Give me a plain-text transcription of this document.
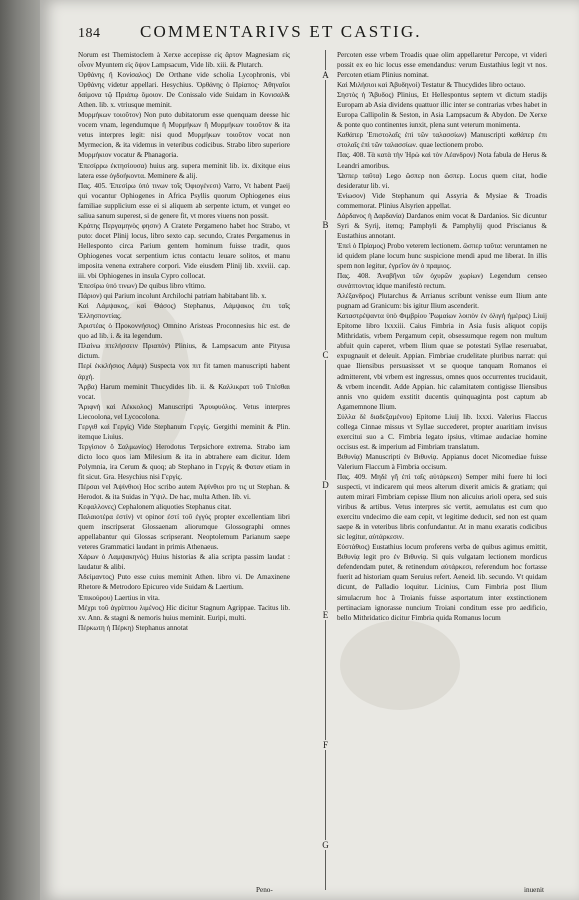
184 COMMENTARIVS ET CASTIG.

Norum est Themistoclem à Xerxe accepisse εἰς ἄρτον Magnesiam εἰς οἶνον Myuntem εἰς ὄψον Lampsacum, Vide lib. xiii. & Plutarch.

Ὀρθάνης ἢ Κονίσαλος) De Orthane vide scholia Lycophronis, vbi Ὀρθάνης videtur appellari. Hesychius. Ὀρθάνης ὁ Πρίαπος· Ἀθηναῖοι δαίμονα τῷ Πριάπῳ ὅμοιον. De Conissalo vide Suidam in Κονισαλ& Athen. lib. x. vtriusque meminit.

Μυρμήκων τοιοῦτον) Non puto dubitatorum esse quenquam deesse hic vocem vnam, legendumque ἢ Μυρμήκων ἢ Μυρμήκων τοιοῦτον & ita vetus interpres legit: nisi quod Μυρμήκων τοιοῦτον vocat non Myrmecion, & ita videmus in veteribus codicibus. Strabo libro superiore Μυρμήκιον vocatur & Phanagoria.

Ἐπεσίρρω ἐκτησίουσα) huius arg. supera meminit lib. ix. dixitque eius latera esse ὀγδοήκοντα. Meminere & alij.

Πας. 405. Ἐπεσίρω ὑπό τινων τοῖς Ὀφιογένεσι) Varro, Vt habent Paeij qui vocantur Ophiogenes in Africa Psyllis quorum Ophiogenes eius familiae supplicium esse ei si aliquem ab serpente ictum, et vunget eo saliua sanum superest, si de genere fit, vt mores viuens non possit.

Κράτης Περγαμηνὸς φησιν) A Cratete Pergameno habet hoc Strabo, vt puto: docet Plinij locus, libro sexto cap. secundo, Crates Pergamenus in Hellesponto circa Parium gentem hominum fuisse tradit, quos Ophiogenes vocat serpentium ictus contactu leuare solitos, et manu imposita venena extrahere corpori. Vide eiusdem Plinij lib. xxviii. cap. iii. vbi Ophiogenes in insula Cypro collocat.

Ἐπεσίρω ὑπό τινων) De quibus libro vltimo.

Πάριον) qui Parium incolunt Archilochi patriam habitabant lib. x.

Καὶ Λάμψακος, καὶ Θάσος) Stephanus, Λάμψακος ἐπι ταῖς Ἑλλησποντίας.

Ἀριστέας ὁ Προκοννήσιος) Omnino Aristeas Proconnesius hic est. de quo ad lib. i. & ita legendum.

Πλαίνω πτελήσσειν Πριαπόν) Plinius, & Lampsacum ante Pityusa dictum.

Περί ἐκκλήσιος Λάμψ) Suspecta vox πιτ fit tamen manuscripti habent ἀρχή.

Ἄρβα) Harum meminit Thucydides lib. ii. & Καλλικρατ τοῦ Τπέσθαι vocat.

Ἄριφνή καὶ Λέκκολος) Manuscripti Ἄρυιφυόλος. Vetus interpres Liecoolona, vel Lycocolona.

Γεργιθ καὶ Γεργίς) Vide Stephanum Γεργίς. Gergithi meminit & Plin. itemque Liuius.

Τεργίσιον ὃ Σαλμωνίος) Herodotus Terpsichore extrema. Strabo iam dicto loco quos iam Milesium & ita in abtrahere eam dicitur. Idem Polymnia, ira Cerum & quoq; ab Stephano in Γεργίς & Φαταν etiam in fit sicut. Gra. Hesychius nisi Γεργίς.

Πέρσαι vel Ἀψίνθιοι) Hoc scribo autem Ἀψίνθιοι pro τις ut Stephan. & Herodot. & ita Suidas in Ὑψιλ. De hac, multa Athen. lib. vi.

Κεφαλλονες) Cephalonem aliquoties Stephanus citat.

Παλαιοτέρα ἐστίν) vt opinor ἐστί τοῦ ἐγγύς propter excellentiam libri quem inscripserat Glossaenam aliorumque Glossographi omnes appellabantur qui Glossas scripserant. Neoptolemum Parianum saepe veteres Grammatici laudant in primis Athenaeus.

Χάρων ὁ Λαμψακηνός) Huius historias & alia scripta passim laudat : laudatur & alibi.

Ἀδείμαντος) Puto esse cuius meminit Athen. libro vi. De Amaxinene Rhetore & Metrodoro Epicureo vide Suidam & Laertium.

Ἐπικούρου) Laertius in vita.

Μέχρι τοῦ ἀγρίππου λιμένος) Hic dicitur Stagnum Agrippae. Tacitus lib. xv. Ann. & stagni & nemoris huius meminit. Euripi, multi.

Πέρκωτη ἡ Πέρκη) Stephanus annotat

A
B
C
D
E
F
G

Percoten esse vrbem Troadis quae olim appellaretur Percope, vt videri possit ex eo hic locus esse emendandus: verum Eustathius legit vt nos. Percoten etiam Plinius nominat.

Καὶ Μιλήσιοι καὶ Ἀβυδηνοί) Testatur & Thucydides libro octauo.

Σηστὸς ἡ Ἄβυδος) Plinius, Et Hellespontus septem vt dictum stadijs Europam ab Asia dividens quattuor illic inter se contrarias vrbes habet in Europa Callipolin & Seston, in Asia Lampsacum & Abydon. De Xerxe & ponte quo continentes iunxit, plena sunt veterum monimenta.

Καθάπερ Ἐπιστολαῖς ἐπὶ τῶν ταλασσίων) Manuscripti καθάπερ ἐπι στολαῖς ἐπὶ τῶν ταλασσίων. quae lectionem probo.

Πας. 408. Τὰ κατὰ τὴν Ἡρὼ καὶ τὸν Λέανδρον) Nota fabula de Herus & Leandri amoribus.

Ὥσπερ ταῦτα) Lego ὥσπερ non ὥσπερ. Locus quem citat, hodie desideratur lib. vi.

Ἐνίωσον) Vide Stephanum qui Assyria & Mysiae & Troadis commemorat. Plinius Alsyrien appellat.

Δάρδανος ἡ Δαρδανία) Dardanos enim vocat & Dardanios. Sic dicuntur Syri & Syrij, itemq; Pamphyli & Pamphylij quod Priscianus & Eustathius annotant.

Ἐπεὶ ὁ Πρίαμος) Probo veterem lectionem. ὥσπερ ταῦτα: veruntamen ne id quidem plane locum hunc suspicione mendi apud me liberat. In illis spem non legitur, ἐγρεῖον ἀν ὁ πραμιος.

Πας. 408. Ἀναβῆναι τῶν ὀχυρῶν χωρίων) Legendum censeo συνάπτοντας idque manifestò rectum.

Ἀλέξανδρος) Plutarchus & Arrianus scribunt venisse eum Ilium ante pugnam ad Granicum: bis igitur Ilium ascenderit.

Καταστρέψαντα ὑπὸ Φιμβρίου Ῥωμαίων λοιπὸν ἐν ὀλιγή ἡμέρας) Liuij Epitome libro lxxxiii. Caius Fimbria in Asia fusis aliquot copijs Mithridatis, vrbem Pergamum cepit, obsessumque regem non multum abfuit quin caperet, vrbem Ilium quae se potestati Syllae reseruabat, expugnauit et deleuit. Appian. Fimbriae crudelitate pluribus narrat: qui quae Iliensibus persuasisset vt se quoque tanquam Romanos ei admitterent, vbi vrbem est ingressus, omnes quos occurrentes trucidauit, & vrbem incendit. Adde Appian. hic calamitatem contigisse Iliensibus annis vno quidem exstitit ducentis quinquaginta post captum ab Agamemnone Ilium.

Σύλλα δὲ διαδεξαμένου) Epitome Liuij lib. lxxxi. Valerius Flaccus collega Cinnae missus vt Syllae succederet, propter auaritiam invisus exercitui suo a C. Fimbria legato ipsius, vltimae audaciae homine occisus est. & imperium ad Fimbriam translatum.

Βιθυνίᾳ) Manuscripti ἐν Βιθυνίᾳ. Appianus docet Nicomediae fuisse Valerium Flaccum à Fimbria occisum.

Πας. 409. Μηδὲ γῆ ἐπὶ ταῖς αὐτάρκεσι) Semper mihi fuere hi loci suspecti, vt indicarem qui meos alterum dixerit amicis & gratiam; qui autem mirari Fimbriam cepisse Ilium non alicuius arioli opera, sed suis viribus & artibus. Vetus interpres sic vertit, aemulatus est cum quo exercitu vndecimo die eam cepit, vt legitime deducit, sed non est quam saepe & in veteribus libris confundantur. At in manu exaratis codicibus sic legitur, αὐτάρκεσιν.

Εὐστάθιος) Eustathius locum proferens verba de quibus agimus emittit, Βιθυνίᾳ legit pro ἐν Βιθυνίᾳ. Si quis vulgatam lectionem mordicus defendendam putet, & retinendum αὐτάρκεσι, referendum hoc fortasse fuerit ad historiam quam Seruius refert. Aeneid. lib. secundo. Vt quidam dicunt, de Palladio loquitur. Licinius, Cum Fimbria post Ilium simulacrum hoc à Troianis fuisse asportatum inter exstinctionem pertinaciam ignorasse nuncium Troiani conditum esse pro aedificio, bello Mithridatico dicitur Fimbria quida Romanus locum

Peno-	inuenit
